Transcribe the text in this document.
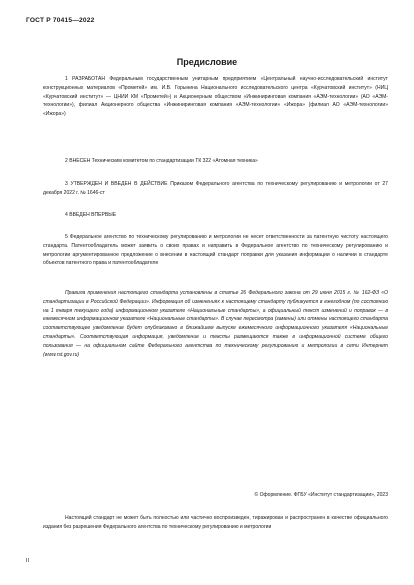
ГОСТ Р 70415—2022
Предисловие

1 РАЗРАБОТАН Федеральным государственным унитарным предприятием «Центральный научно-исследовательский институт конструкционных материалов «Прометей» им. И.В. Горынина Национального исследовательского центра «Курчатовский институт» (НИЦ «Курчатовский институт» — ЦНИИ КМ «Прометей») и Акционерным обществом «Инжиниринговая компания «АЭМ-технологии» (АО «АЭМ-технологии»), филиал Акционерного общества «Инжиниринговая компания «АЭМ-технологии» «Ижора» (филиал АО «АЭМ-технологии» «Ижора»)

2 ВНЕСЕН Техническим комитетом по стандартизации ТК 322 «Атомная техника»

3 УТВЕРЖДЕН И ВВЕДЕН В ДЕЙСТВИЕ Приказом Федерального агентства по техническому регулированию и метрологии от 27 декабря 2022 г. № 1646-ст

4 ВВЕДЕН ВПЕРВЫЕ

5 Федеральное агентство по техническому регулированию и метрологии не несет ответственности за патентную чистоту настоящего стандарта. Патентообладатель может заявить о своих правах и направить в Федеральное агентство по техническому регулированию и метрологии аргументированное предложение о внесении в настоящий стандарт поправки для указания информации о наличии в стандарте объектов патентного права и патентообладателе

Правила применения настоящего стандарта установлены в статье 26 Федерального закона от 29 июня 2015 г. № 162-ФЗ «О стандартизации в Российской Федерации». Информация об изменениях к настоящему стандарту публикуется в ежегодном (по состоянию на 1 января текущего года) информационном указателе «Национальные стандарты», а официальный текст изменений и поправок — в ежемесячном информационном указателе «Национальные стандарты». В случае пересмотра (замены) или отмены настоящего стандарта соответствующее уведомление будет опубликовано в ближайшем выпуске ежемесячного информационного указателя «Национальные стандарты». Соответствующая информация, уведомление и тексты размещаются также в информационной системе общего пользования — на официальном сайте Федерального агентства по техническому регулированию и метрологии в сети Интернет (www.rst.gov.ru)

© Оформление. ФГБУ «Институт стандартизации», 2023

Настоящий стандарт не может быть полностью или частично воспроизведен, тиражирован и распространен в качестве официального издания без разрешения Федерального агентства по техническому регулированию и метрологии

II
